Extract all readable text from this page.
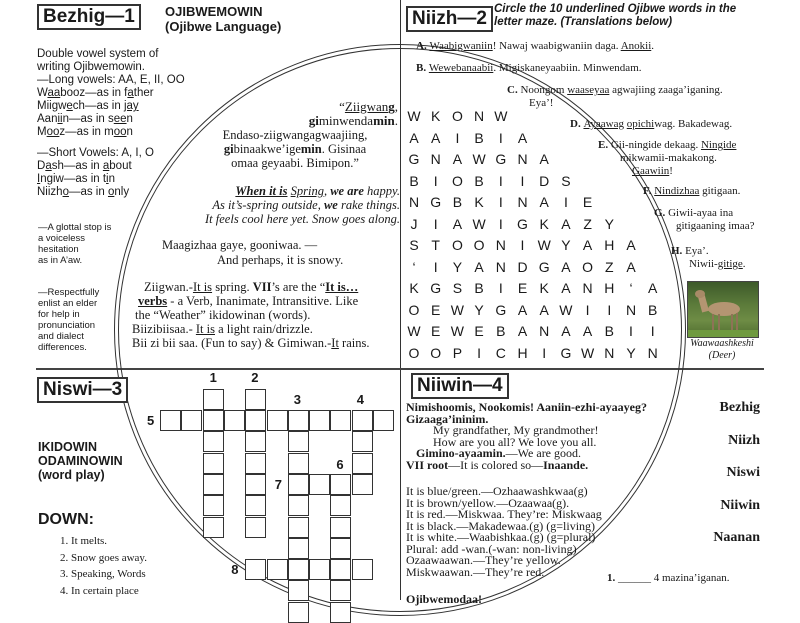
Bezhig—1	OJIBWEMOWIN
(Ojibwe Language)
Double vowel system of
writing Ojibwemowin.
—Long vowels: AA, E, II, OO
Waabooz—as in father
Miigwech—as in jay
Aaniin—as in seen
Mooz—as in moon
—Short Vowels: A, I, O
Dash—as in about
Ingiw—as in tin
Niizho—as in only
—A glottal stop is
a voiceless
hesitation
as in A’aw.
—Respectfully
enlist an elder
for help in
pronunciation
and dialect
differences.
“Ziigwang,
giminwendamin.
Endaso-ziigwangagwaajiing,
gibinaakwe’igemin. Gisinaa
omaa geyaabi. Bimipon.”
When it is Spring, we are happy.
As it’s-spring outside, we rake things.
It feels cool here yet. Snow goes along.
Maagizhaa gaye, gooniwaa. —
And perhaps, it is snowy.
Ziigwan.-It is spring. VII’s are the “It is…
verbs - a Verb, Inanimate, Intransitive. Like
the “Weather” ikidowinan (words).
Biizibiisaa.- It is a light rain/drizzle.
Bii zi bii saa. (Fun to say) & Gimiwan.-It rains.
Niizh—2 Circle the 10 underlined Ojibwe words in the
letter maze. (Translations below)
A. Waabigwaniin! Nawaj waabigwaniin daga. Anokii.
B. Wewebanaabii. Migiskaneyaabiin. Minwendam.
C. Noongom waaseyaa agwajiing zaaga’iganing.
Eya’!
D. Ayaawag opichiwag. Bakadewag.
E. Gii-ningide dekaag. Ningide
mikwamii-makakong.
Gaawiin!
F. Nindizhaa gitigaan.
G. Giwii-ayaa ina
gitigaaning imaa?
H. Eya’.
Niwii-gitige.
W K O N W
A A	I	B	I	A
G N A W G N A
B	I	O B	I	I	D S
N G B K	I	N A	I	E
J	I	A W I	G K A Z Y
S T O O N	I W Y A H A
‘	I	Y A N D G A O Z A
K G S B	I	E K A N H	‘	A
O E W Y G A A W I	I	N B
W E W E B A N A A B	I	I
O O P	I	C H	I	G W N Y N
Waawaashkeshi
(Deer)
Niswi—3
IKIDOWIN
ODAMINOWIN
(word play)
DOWN:
1. It melts.
2. Snow goes away.
3. Speaking, Words
4. In certain place
1	2
3	4
5
6
7
8
Niiwin—4
Nimishoomis, Nookomis! Aaniin-ezhi-ayaayeg?
Gizaaga’ininim.
My grandfather, My grandmother!
How are you all? We love you all.
Gimino-ayaamin.—We are good.
VII root—It is colored so—Inaande.
It is blue/green.—Ozhaawashkwaa(g)
It is brown/yellow.—Ozaawaa(g).
It is red.—Miskwaa. They’re: Miskwaag
It is black.—Makadewaa.(g) (g=living)
It is white.—Waabishkaa.(g) (g=plural)
Plural: add -wan.(-wan: non-living)
Ozaawaawan.—They’re yellow.
Miskwaawan.—They’re red.
Ojibwemodaa!
Bezhig
Niizh
Niswi
Niiwin
Naanan
1. ______ 4 mazina’iganan.
